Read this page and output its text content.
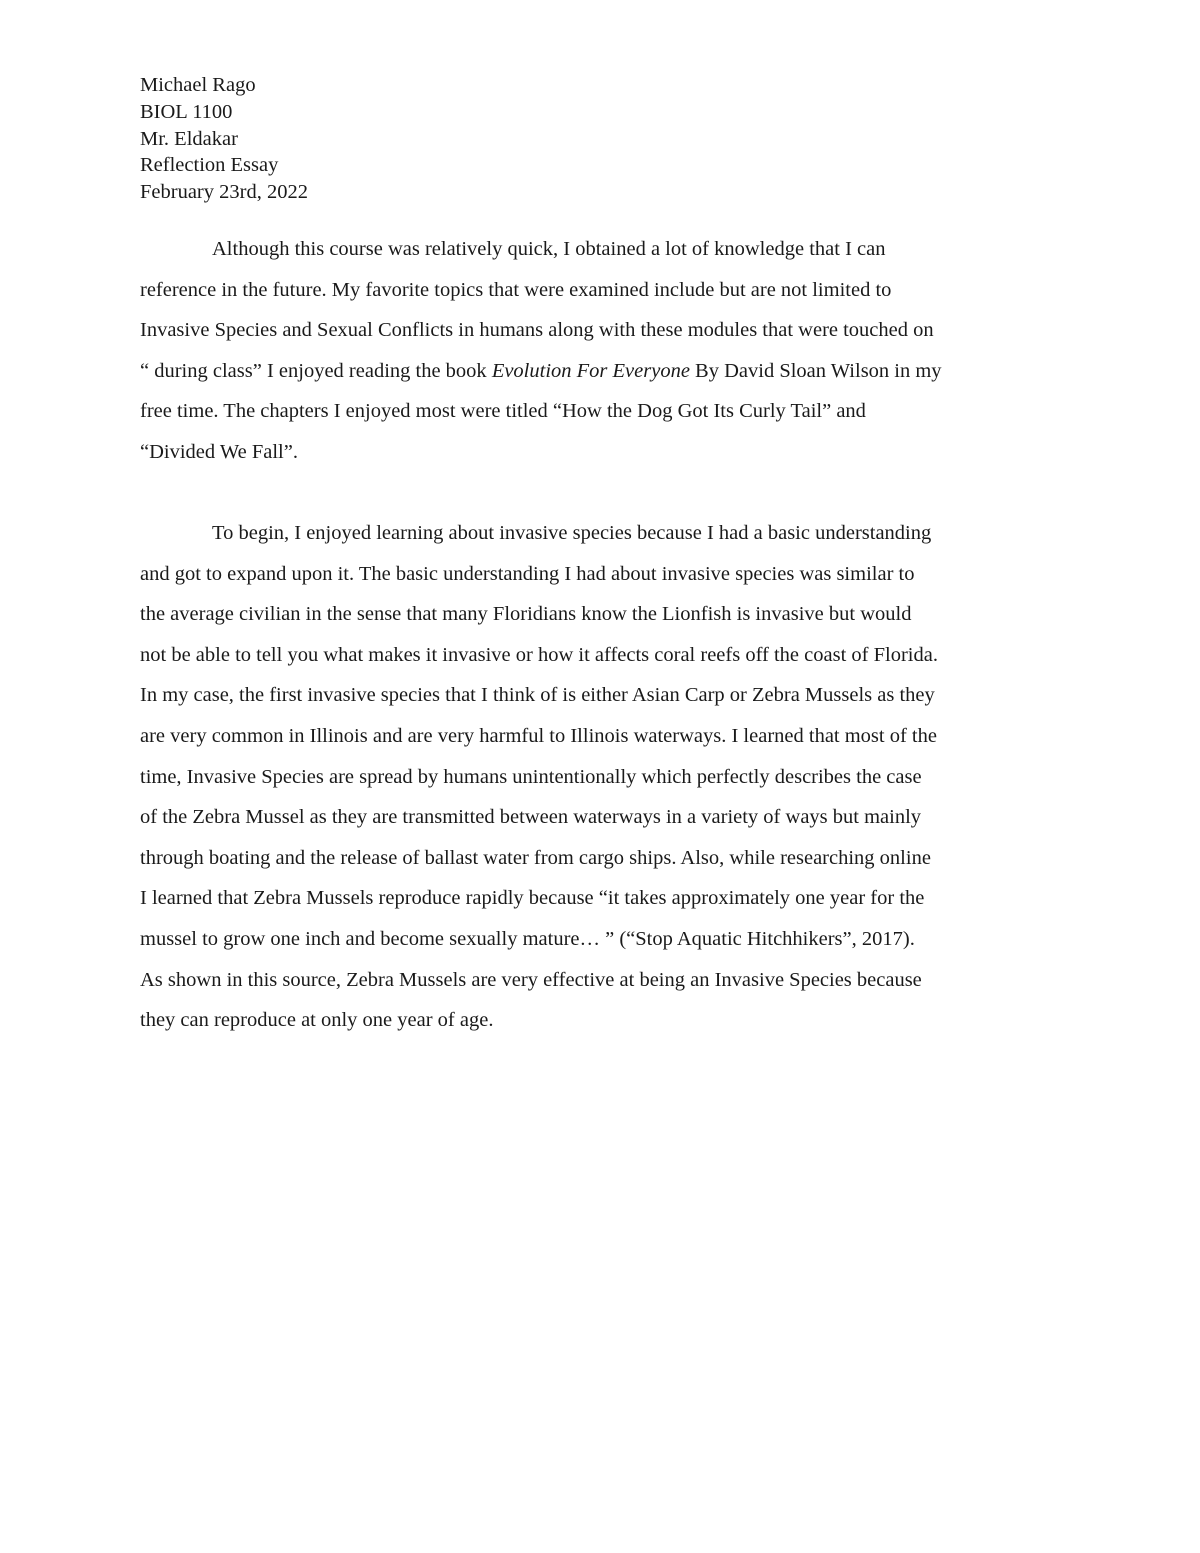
Michael Rago
BIOL 1100
Mr. Eldakar
Reflection Essay
February 23rd, 2022
Although this course was relatively quick, I obtained a lot of knowledge that I can
reference in the future. My favorite topics that were examined include but are not limited to
Invasive Species and Sexual Conflicts in humans along with these modules that were touched on
“ during class” I enjoyed reading the book Evolution For Everyone By David Sloan Wilson in my
free time. The chapters I enjoyed most were titled “How the Dog Got Its Curly Tail” and
“Divided We Fall”.
To begin, I enjoyed learning about invasive species because I had a basic understanding
and got to expand upon it. The basic understanding I had about invasive species was similar to
the average civilian in the sense that many Floridians know the Lionfish is invasive but would
not be able to tell you what makes it invasive or how it affects coral reefs off the coast of Florida.
In my case, the first invasive species that I think of is either Asian Carp or Zebra Mussels as they
are very common in Illinois and are very harmful to Illinois waterways. I learned that most of the
time, Invasive Species are spread by humans unintentionally which perfectly describes the case
of the Zebra Mussel as they are transmitted between waterways in a variety of ways but mainly
through boating and the release of ballast water from cargo ships. Also, while researching online
I learned that Zebra Mussels reproduce rapidly because “it takes approximately one year for the
mussel to grow one inch and become sexually mature… ” (“Stop Aquatic Hitchhikers”, 2017).
As shown in this source, Zebra Mussels are very effective at being an Invasive Species because
they can reproduce at only one year of age.
